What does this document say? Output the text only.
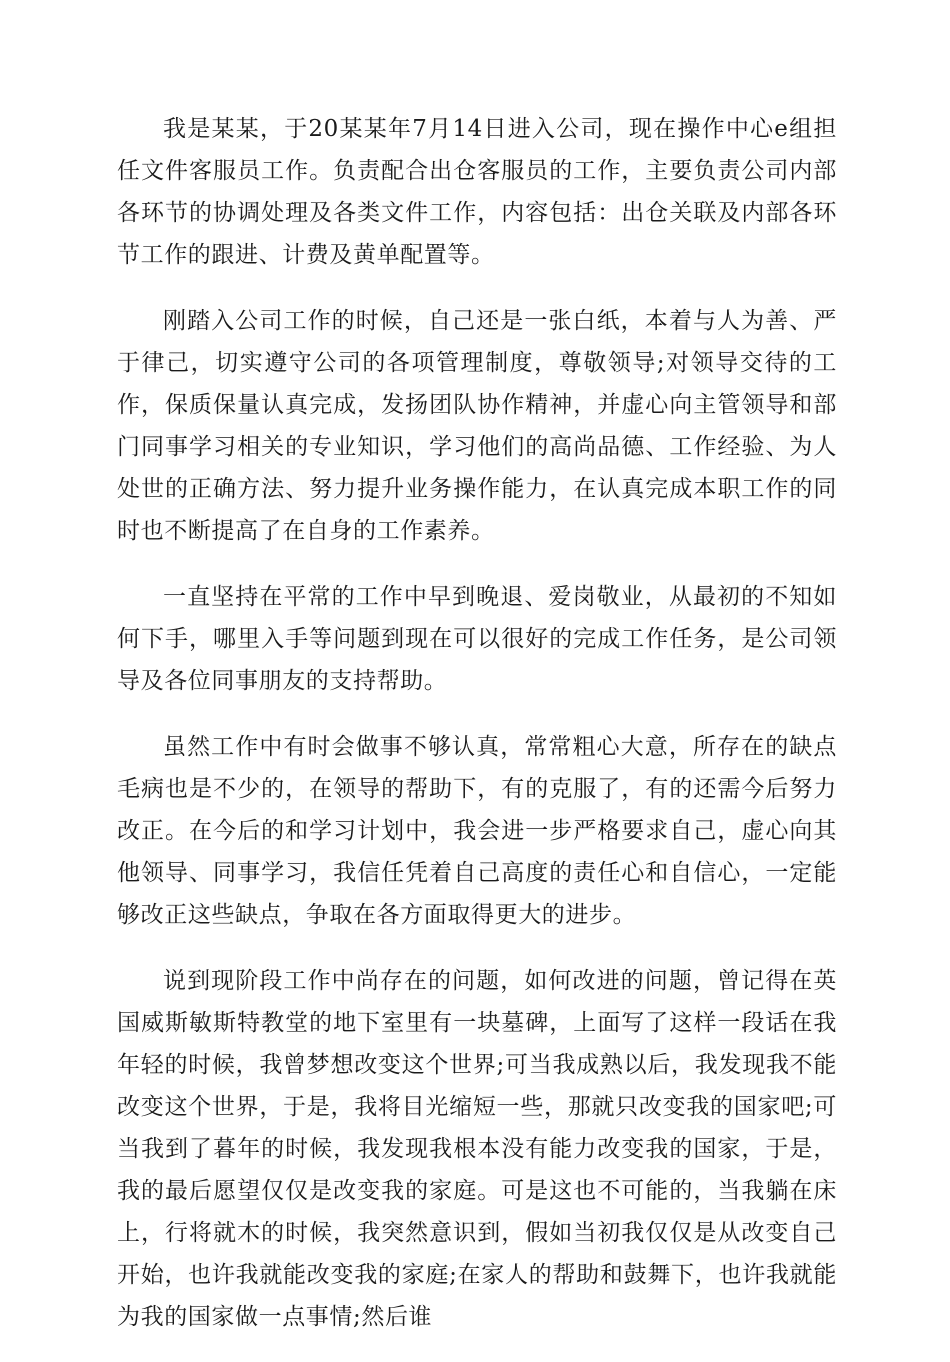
我是某某，于20某某年7月14日进入公司，现在操作中心e组担任文件客服员工作。负责配合出仓客服员的工作，主要负责公司内部各环节的协调处理及各类文件工作，内容包括：出仓关联及内部各环节工作的跟进、计费及黄单配置等。

刚踏入公司工作的时候，自己还是一张白纸，本着与人为善、严于律己，切实遵守公司的各项管理制度，尊敬领导;对领导交待的工作，保质保量认真完成，发扬团队协作精神，并虚心向主管领导和部门同事学习相关的专业知识，学习他们的高尚品德、工作经验、为人处世的正确方法、努力提升业务操作能力，在认真完成本职工作的同时也不断提高了在自身的工作素养。

一直坚持在平常的工作中早到晚退、爱岗敬业，从最初的不知如何下手，哪里入手等问题到现在可以很好的完成工作任务，是公司领导及各位同事朋友的支持帮助。

虽然工作中有时会做事不够认真，常常粗心大意，所存在的缺点毛病也是不少的，在领导的帮助下，有的克服了，有的还需今后努力改正。在今后的和学习计划中，我会进一步严格要求自己，虚心向其他领导、同事学习，我信任凭着自己高度的责任心和自信心，一定能够改正这些缺点，争取在各方面取得更大的进步。

说到现阶段工作中尚存在的问题，如何改进的问题，曾记得在英国威斯敏斯特教堂的地下室里有一块墓碑，上面写了这样一段话在我年轻的时候，我曾梦想改变这个世界;可当我成熟以后，我发现我不能改变这个世界，于是，我将目光缩短一些，那就只改变我的国家吧;可当我到了暮年的时候，我发现我根本没有能力改变我的国家，于是，我的最后愿望仅仅是改变我的家庭。可是这也不可能的，当我躺在床上，行将就木的时候，我突然意识到，假如当初我仅仅是从改变自己开始，也许我就能改变我的家庭;在家人的帮助和鼓舞下，也许我就能为我的国家做一点事情;然后谁
